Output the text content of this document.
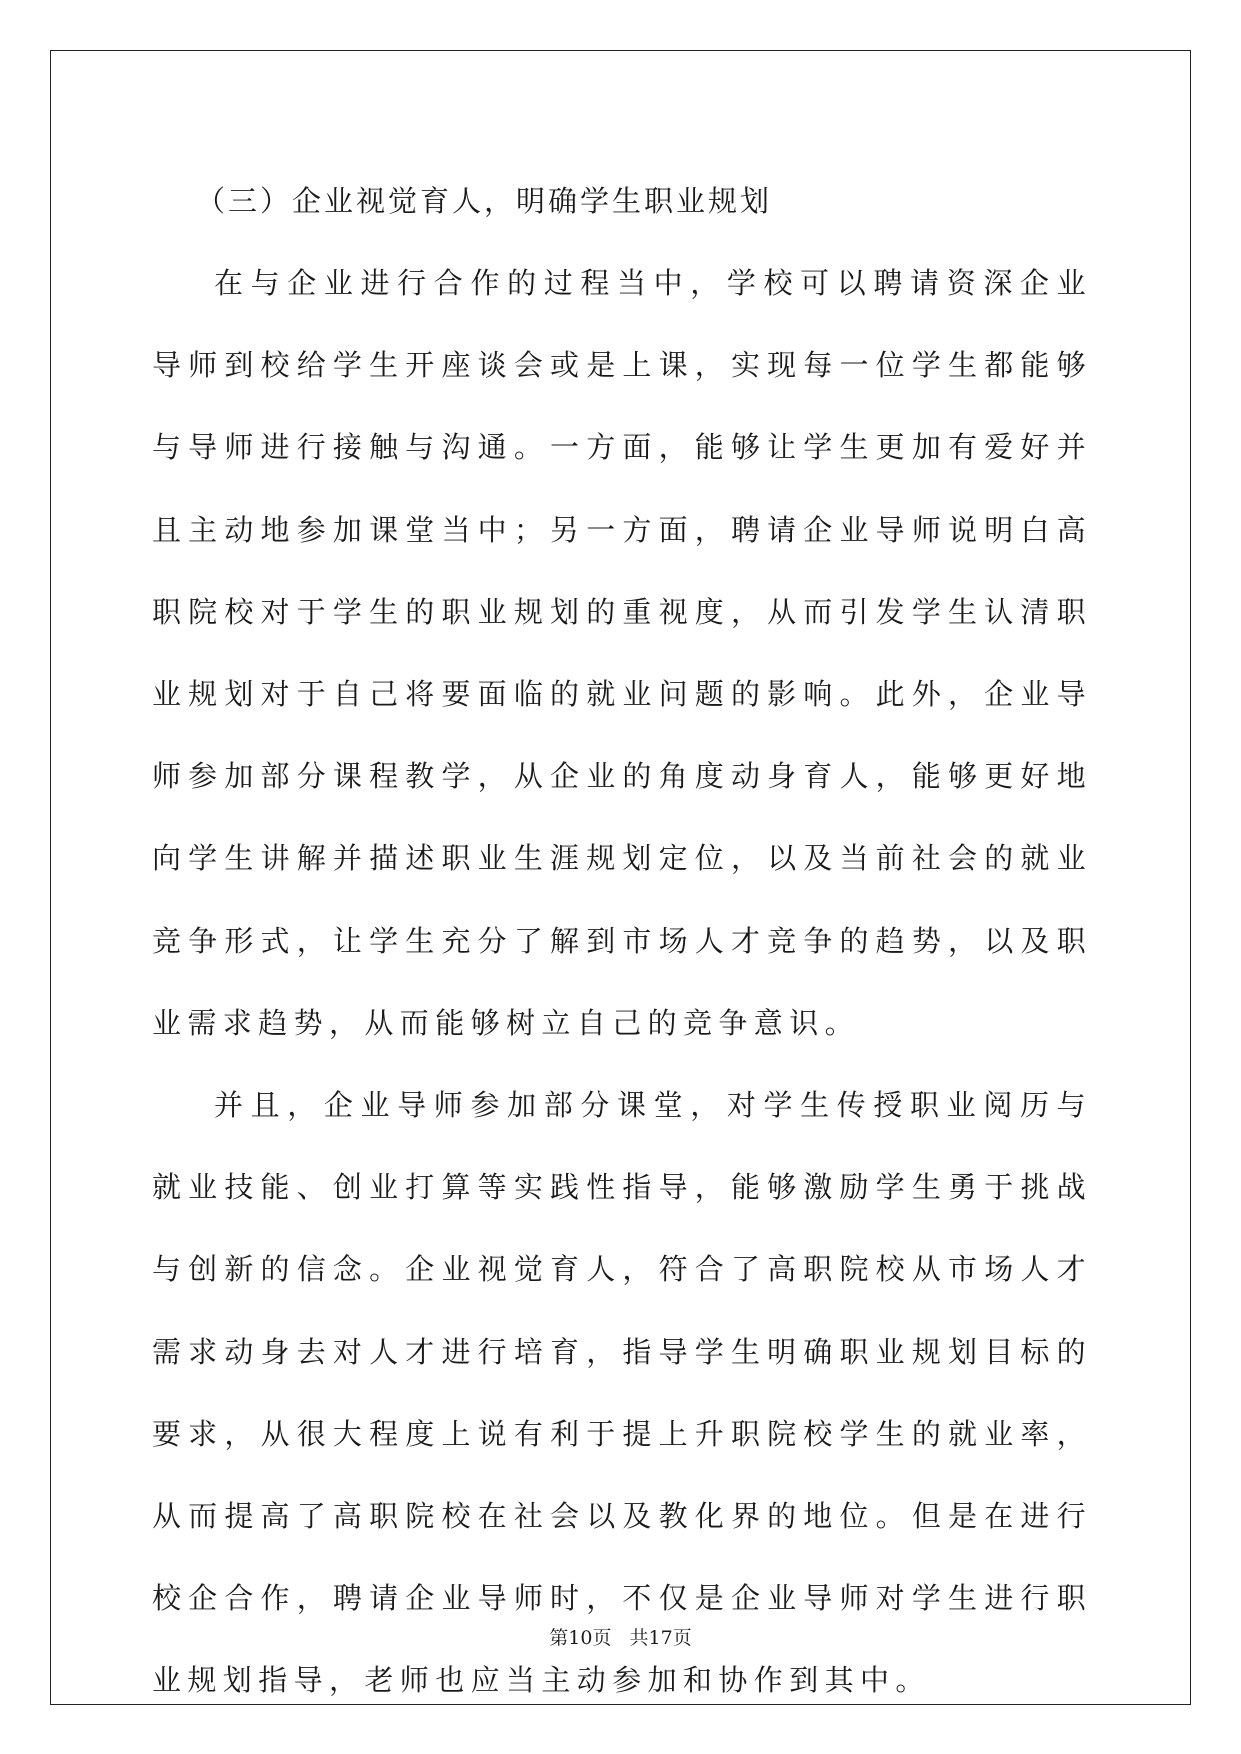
（三）企业视觉育人，明确学生职业规划

在与企业进行合作的过程当中，学校可以聘请资深企业导师到校给学生开座谈会或是上课，实现每一位学生都能够与导师进行接触与沟通。一方面，能够让学生更加有爱好并且主动地参加课堂当中；另一方面，聘请企业导师说明白高职院校对于学生的职业规划的重视度，从而引发学生认清职业规划对于自己将要面临的就业问题的影响。此外，企业导师参加部分课程教学，从企业的角度动身育人，能够更好地向学生讲解并描述职业生涯规划定位，以及当前社会的就业竞争形式，让学生充分了解到市场人才竞争的趋势，以及职业需求趋势，从而能够树立自己的竞争意识。

并且，企业导师参加部分课堂，对学生传授职业阅历与就业技能、创业打算等实践性指导，能够激励学生勇于挑战与创新的信念。企业视觉育人，符合了高职院校从市场人才需求动身去对人才进行培育，指导学生明确职业规划目标的要求，从很大程度上说有利于提上升职院校学生的就业率，从而提高了高职院校在社会以及教化界的地位。但是在进行校企合作，聘请企业导师时，不仅是企业导师对学生进行职业规划指导，老师也应当主动参加和协作到其中。

第10页 共17页
